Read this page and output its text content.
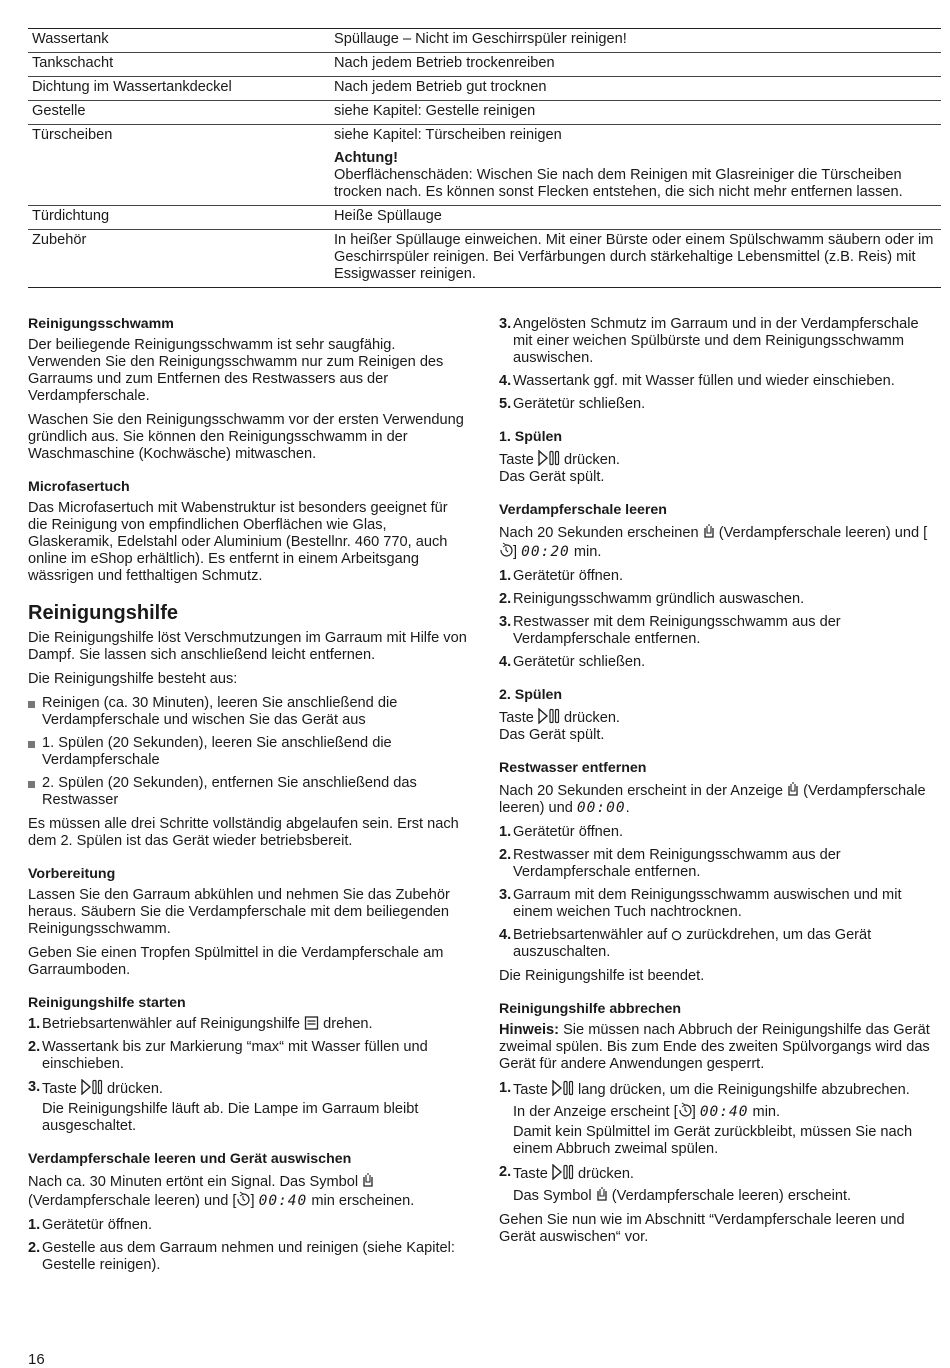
Wassertank	Spüllauge – Nicht im Geschirrspüler reinigen!

Tankschacht	Nach jedem Betrieb trockenreiben

Dichtung im Wassertankdeckel	Nach jedem Betrieb gut trocknen

Gestelle	siehe Kapitel: Gestelle reinigen

Türscheiben	siehe Kapitel: Türscheiben reinigen

Achtung!

Oberflächenschäden: Wischen Sie nach dem Reinigen mit Glasreiniger die Türscheiben trocken nach. Es können sonst Flecken entstehen, die sich nicht mehr entfernen lassen.

Türdichtung	Heiße Spüllauge

Zubehör	In heißer Spüllauge einweichen. Mit einer Bürste oder einem Spülschwamm säubern oder im Geschirrspüler reinigen. Bei Verfärbungen durch stärkehaltige Lebensmittel (z.B. Reis) mit Essigwasser reinigen.

Reinigungsschwamm

Der beiliegende Reinigungsschwamm ist sehr saugfähig. Verwenden Sie den Reinigungsschwamm nur zum Reinigen des Garraums und zum Entfernen des Restwassers aus der Verdampferschale.

Waschen Sie den Reinigungsschwamm vor der ersten Verwendung gründlich aus. Sie können den Reinigungsschwamm in der Waschmaschine (Kochwäsche) mitwaschen.

Microfasertuch

Das Microfasertuch mit Wabenstruktur ist besonders geeignet für die Reinigung von empfindlichen Oberflächen wie Glas, Glaskeramik, Edelstahl oder Aluminium (Bestellnr. 460 770, auch online im eShop erhältlich). Es entfernt in einem Arbeitsgang wässrigen und fetthaltigen Schmutz.

Reinigungshilfe

Die Reinigungshilfe löst Verschmutzungen im Garraum mit Hilfe von Dampf. Sie lassen sich anschließend leicht entfernen.

Die Reinigungshilfe besteht aus:

Reinigen (ca. 30 Minuten), leeren Sie anschließend die Verdampferschale und wischen Sie das Gerät aus
1. Spülen (20 Sekunden), leeren Sie anschließend die Verdampferschale
2. Spülen (20 Sekunden), entfernen Sie anschließend das Restwasser

Es müssen alle drei Schritte vollständig abgelaufen sein. Erst nach dem 2. Spülen ist das Gerät wieder betriebsbereit.

Vorbereitung

Lassen Sie den Garraum abkühlen und nehmen Sie das Zubehör heraus. Säubern Sie die Verdampferschale mit dem beiliegenden Reinigungsschwamm.

Geben Sie einen Tropfen Spülmittel in die Verdampferschale am Garraumboden.

Reinigungshilfe starten
1. Betriebsartenwähler auf Reinigungshilfe drehen.
2. Wassertank bis zur Markierung “max“ mit Wasser füllen und einschieben.
3. Taste drücken.
Die Reinigungshilfe läuft ab. Die Lampe im Garraum bleibt ausgeschaltet.
Verdampferschale leeren und Gerät auswischen

Nach ca. 30 Minuten ertönt ein Signal. Das Symbol  (Verdampferschale leeren) und [ ] 00:40 min erscheinen.

1. Gerätetür öffnen.
2. Gestelle aus dem Garraum nehmen und reinigen (siehe Kapitel: Gestelle reinigen).
3. Angelösten Schmutz im Garraum und in der Verdampferschale mit einer weichen Spülbürste und dem Reinigungsschwamm auswischen.
4. Wassertank ggf. mit Wasser füllen und wieder einschieben.
5. Gerätetür schließen.
1. Spülen

Taste drücken.
Das Gerät spült.

Verdampferschale leeren

Nach 20 Sekunden erscheinen (Verdampferschale leeren) und [] 00:20 min.

1. Gerätetür öffnen.
2. Reinigungsschwamm gründlich auswaschen.
3. Restwasser mit dem Reinigungsschwamm aus der Verdampferschale entfernen.
4. Gerätetür schließen.
2. Spülen

Taste drücken.
Das Gerät spült.

Restwasser entfernen

Nach 20 Sekunden erscheint in der Anzeige (Verdampferschale leeren) und 00:00.

1. Gerätetür öffnen.
2. Restwasser mit dem Reinigungsschwamm aus der Verdampferschale entfernen.
3. Garraum mit dem Reinigungsschwamm auswischen und mit einem weichen Tuch nachtrocknen.
4. Betriebsartenwähler auf zurückdrehen, um das Gerät auszuschalten.

Die Reinigungshilfe ist beendet.

Reinigungshilfe abbrechen

Hinweis: Sie müssen nach Abbruch der Reinigungshilfe das Gerät zweimal spülen. Bis zum Ende des zweiten Spülvorgangs wird das Gerät für andere Anwendungen gesperrt.

1. Taste lang drücken, um die Reinigungshilfe abzubrechen.
In der Anzeige erscheint [ ] 00:40 min.
Damit kein Spülmittel im Gerät zurückbleibt, müssen Sie nach einem Abbruch zweimal spülen.
2. Taste drücken.
Das Symbol (Verdampferschale leeren) erscheint.

Gehen Sie nun wie im Abschnitt “Verdampferschale leeren und Gerät auswischen“ vor.

16
